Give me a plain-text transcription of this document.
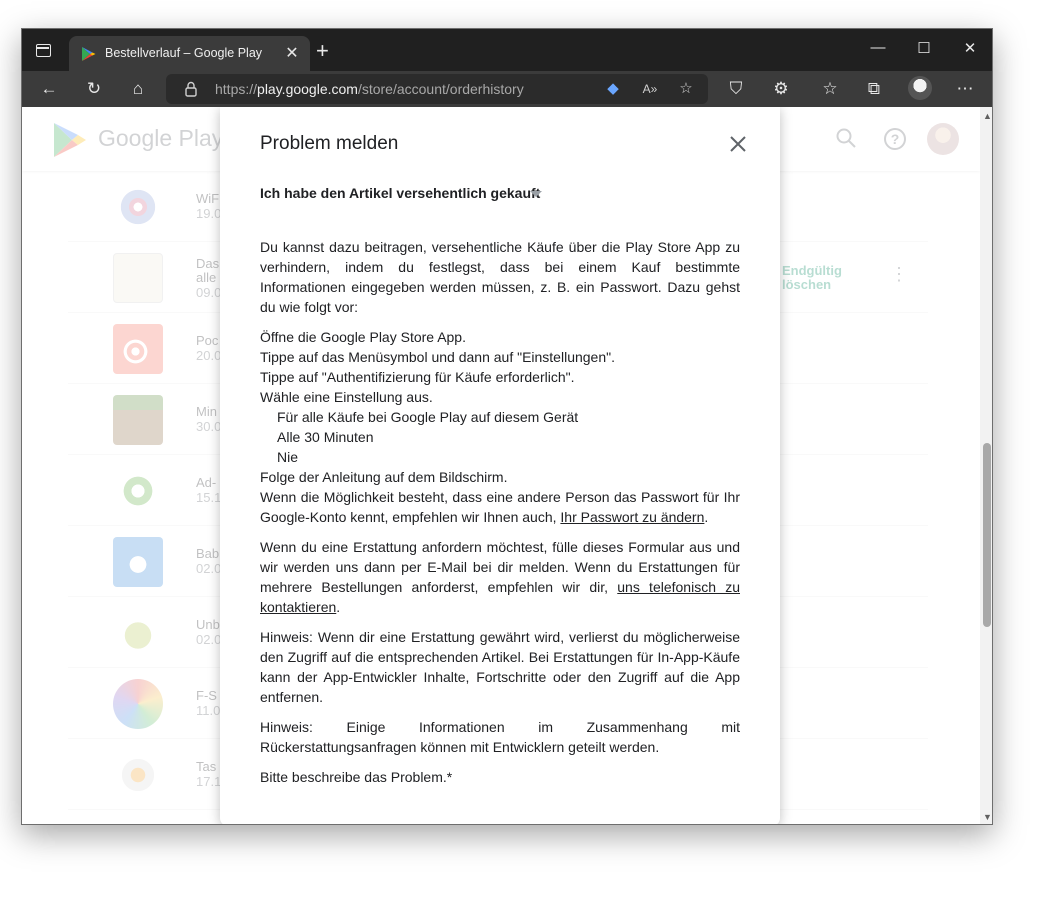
Bestellverlauf – Google Play ✕ +	—	☐	✕
← ↻	⌂	https://play.google.com/store/account/orderhistory	◆	A» ☆	⛉	⚙ ☆	⧉	⋯

Problem melden
Ich habe den Artikel versehentlich gekauft

Du kannst dazu beitragen, versehentliche Käufe über die Play Store App zu verhindern, indem du festlegst, dass bei einem Kauf bestimmte Informationen eingegeben werden müssen, z. B. ein Passwort. Dazu gehst du wie folgt vor:

Öffne die Google Play Store App.
Tippe auf das Menüsymbol und dann auf "Einstellungen".
Tippe auf "Authentifizierung für Käufe erforderlich".
Wähle eine Einstellung aus.
Für alle Käufe bei Google Play auf diesem Gerät
Alle 30 Minuten
Nie
Folge der Anleitung auf dem Bildschirm.
Wenn die Möglichkeit besteht, dass eine andere Person das Passwort für Ihr Google-Konto kennt, empfehlen wir Ihnen auch, Ihr Passwort zu ändern.

Wenn du eine Erstattung anfordern möchtest, fülle dieses Formular aus und wir werden uns dann per E-Mail bei dir melden. Wenn du Erstattungen für mehrere Bestellungen anforderst, empfehlen wir dir, uns telefonisch zu kontaktieren.

Hinweis: Wenn dir eine Erstattung gewährt wird, verlierst du möglicherweise den Zugriff auf die entsprechenden Artikel. Bei Erstattungen für In-App-Käufe kann der App-Entwickler Inhalte, Fortschritte oder den Zugriff auf die App entfernen.

Hinweis: Einige Informationen im Zusammenhang mit Rückerstattungsanfragen können mit Entwicklern geteilt werden.

Bitte beschreibe das Problem.*

▲
▼
